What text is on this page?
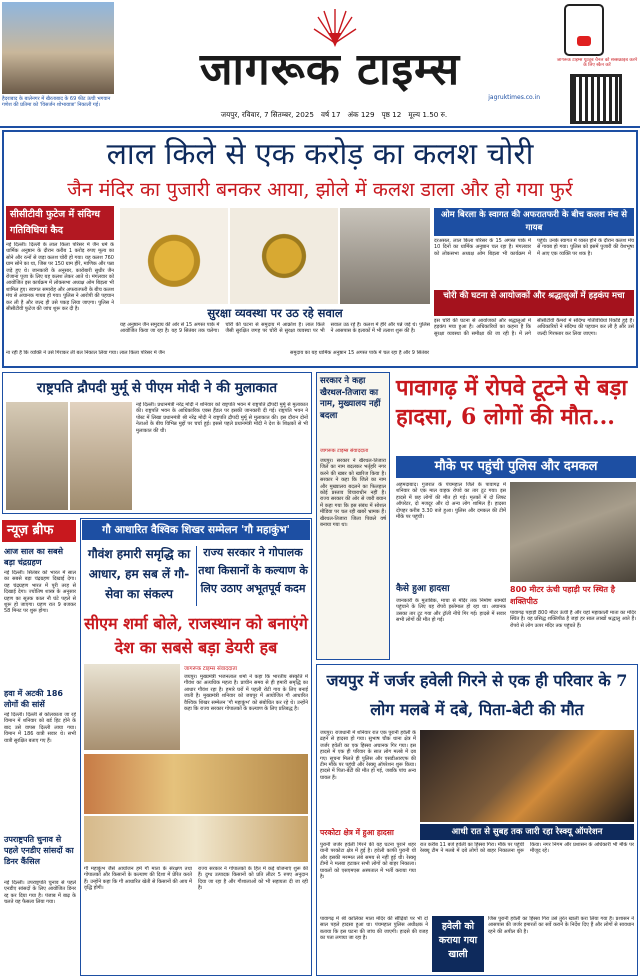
हैदराबाद के बालेनगर में खैरताबाद के 69 फीट ऊंची भगवान गणेश की प्रतिमा को 'विसर्जन शोभायात्रा' निकाली गई।
जागरूक टाइम्स
jagruktimes.co.in
जयपुर, रविवार, 7 सितम्बर, 2025 वर्ष 17 अंक 129 पृष्ठ 12 मूल्य 1.50 रु.
जागरूक टाइम्स यूट्यूब चैनल को सब्सक्राइब करने के लिए स्कैन करें
लाल किले से एक करोड़ का कलश चोरी
जैन मंदिर का पुजारी बनकर आया, झोले में कलश डाला और हो गया फुर्र
सीसीटीवी फुटेज में संदिग्ध गतिविधियां कैद
नई दिल्ली। दिल्ली के लाल किला परिसर में जैन धर्म के धार्मिक अनुष्ठान के दौरान करीब 1 करोड़ रुपए मूल्य का सोने और रत्नों से जड़ा कलश चोरी हो गया। यह कलश 760 ग्राम सोने का था, जिस पर 150 ग्राम हीरे, माणिक और पन्ना जड़े हुए थे। जानकारी के अनुसार, कारोबारी सुधीर जैन रोजाना पूजा के लिए यह कलश लेकर आते थे। मंगलवार को आयोजित इस कार्यक्रम में लोकसभा अध्यक्ष ओम बिड़ला भी शामिल हुए। स्वागत समारोह और अफरातफरी के बीच कलश मंच से अचानक गायब हो गया। पुलिस ने आरोपी की पहचान कर ली है और जल्द ही उसे पकड़ लिया जाएगा। पुलिस ने सीसीटीवी फुटेज की जांच शुरू कर दी है।	सुरक्षा व्यवस्था पर उठ रहे सवाल
यह अनुष्ठान जैन समुदाय की ओर से 15 अगस्त पार्क में आयोजित किया जा रहा है। यह 9 सितंबर तक चलेगा। चोरी की घटना से समुदाय में आक्रोश है। लाल किले जैसी सुरक्षित जगह पर चोरी से सुरक्षा व्यवस्था पर भी सवाल उठ रहे हैं। कलश में हीरे और पन्ने जड़े थे। पुलिस ने आसपास के इलाकों में भी तलाश शुरू की है।
ओम बिरला के स्वागत की अफरातफरी के बीच कलश मंच से गायब
दरअसल, लाल किला परिसर के 15 अगस्त पार्क में 10 दिनों का धार्मिक अनुष्ठान चल रहा है। मंगलवार को लोकसभा अध्यक्ष ओम बिड़ला भी कार्यक्रम में पहुंचे। उनके स्वागत में व्यस्त होने के दौरान कलश मंच से गायब हो गया। पुलिस को इसमें पुजारी की वेशभूषा में आए एक व्यक्ति पर शक है।
चोरी की घटना से आयोजकों और श्रद्धालुओं में हड़कंप मचा
इस चोरी की घटना से आयोजकों और श्रद्धालुओं में हड़कंप मचा हुआ है। अधिकारियों का कहना है कि सुरक्षा व्यवस्था की समीक्षा की जा रही है। में लगे सीसीटीवी कैमरों में संदिग्ध गतिविधियां रिकॉर्ड हुई हैं। अधिकारियों ने संदिग्ध की पहचान कर ली है और उसे जल्दी गिरफ्तार कर लिया जाएगा।
ना रही है कि व्यक्ति ने उसे गिराकर ली बल निकाल लिया गया। लाल किला परिसर में जैन	समुदाय का यह धार्मिक अनुष्ठान 15 अगस्त पार्क में चल रहा है और 9 सितंबर
राष्ट्रपति द्रौपदी मुर्मू से पीएम मोदी ने की मुलाकात
नई दिल्ली। प्रधानमंत्री नरेंद्र मोदी ने शनिवार को राष्ट्रपति भवन में राष्ट्रपति द्रौपदी मुर्मू से मुलाकात की। राष्ट्रपति भवन के आधिकारिक एक्स हैंडल पर इसकी जानकारी दी गई। राष्ट्रपति भवन ने पोस्ट में लिखा प्रधानमंत्री श्री नरेंद्र मोदी ने राष्ट्रपति द्रौपदी मुर्मू से मुलाकात की। इस दौरान दोनों नेताओं के बीच विभिन्न मुद्दों पर चर्चा हुई। इससे पहले प्रधानमंत्री मोदी ने देश के शिक्षकों से भी मुलाकात की थी।
सरकार ने कहा खैरथल-तिजारा का नाम, मुख्यालय नहीं बदला
जागरूक टाइम्स संवाददाता
जयपुर। सरकार ने खैरथल-तिजारा जिले का नाम बदलकर भर्तृहरि नगर करने की खबर को खारिज किया है। सरकार ने कहा कि जिले का नाम और मुख्यालय बदलने का फिलहाल कोई प्रस्ताव विचाराधीन नहीं है। राज्य सरकार की ओर से जारी बयान में कहा गया कि इस संबंध में सोशल मीडिया पर चल रही खबरें भ्रामक हैं। खैरथल-तिजारा जिला पिछले वर्ष बनाया गया था।
पावागढ़ में रोपवे टूटने से बड़ा हादसा, 6 लोगों की मौत...
मौके पर पहुंची पुलिस और दमकल
अहमदाबाद। गुजरात के पंचमहाल जिले के पावागढ़ में शनिवार को एक माल वाहक रोपवे का तार टूट गया। इस हादसे में छह लोगों की मौत हो गई। मृतकों में दो लिफ्ट ऑपरेटर, दो मजदूर और दो अन्य लोग शामिल हैं। हादसा दोपहर करीब 3.30 बजे हुआ। पुलिस और दमकल की टीमें मौके पर पहुंचीं।
कैसे हुआ हादसा
जानकारी के मुताबिक, माचा से मंदिर तक निर्माण सामग्री पहुंचाने के लिए यह रोपवे इस्तेमाल हो रहा था। अचानक उसका तार टूट गया और ट्रॉली नीचे गिर गई। हादसे में सवार सभी लोगों की मौत हो गई।
800 मीटर ऊंची पहाड़ी पर स्थित है शक्तिपीठ
पावागढ़ पहाड़ी 800 मीटर ऊंची है और यहां महाकाली माता का मंदिर स्थित है। यह प्रसिद्ध शक्तिपीठ है जहां हर साल लाखों श्रद्धालु आते हैं। रोपवे से लोग ऊपर मंदिर तक पहुंचते हैं।
न्यूज़ ब्रीफ
आज साल का सबसे बड़ा चंद्रग्रहण
नई दिल्ली। सितंबर को भारत में साल का सबसे बड़ा चंद्रग्रहण दिखाई देगा। यह चंद्रग्रहण भारत में पूरी तरह से दिखाई देगा। ज्योतिष शास्त्र के अनुसार ग्रहण का सूतक काल नौ घंटे पहले से शुरू हो जाएगा। ग्रहण रात 9 बजकर 58 मिनट पर शुरू होगा।
हवा में अटकी 186 लोगों की सांसें
नई दिल्ली। दिल्ली से कोलकाता जा रहे विमान में शनिवार को बर्ड हिट होने के बाद उसे वापस दिल्ली लाया गया। विमान में 186 यात्री सवार थे। सभी यात्री सुरक्षित बताए गए हैं।
उपराष्ट्रपति चुनाव से पहले एनडीए सांसदों का डिनर कैंसिल
नई दिल्ली। उपराष्ट्रपति चुनाव से पहले एनडीए सांसदों के लिए आयोजित डिनर रद्द कर दिया गया है। पंजाब में बाढ़ के चलते यह फैसला लिया गया।
गौ आधारित वैश्विक शिखर सम्मेलन 'गौ महाकुंभ'
गौवंश हमारी समृद्धि का आधार, हम सब लें गौ-सेवा का संकल्प
राज्य सरकार ने गोपालक तथा किसानों के कल्याण के लिए उठाए अभूतपूर्व कदम
सीएम शर्मा बोले, राजस्थान को बनाएंगे देश का सबसे बड़ा डेयरी हब
जागरूक टाइम्स संवाददाता
जयपुर। मुख्यमंत्री भजनलाल शर्मा ने कहा कि भारतीय संस्कृति में गौवंश का अत्यधिक महत्व है। प्राचीन समय से ही हमारी समृद्धि का आधार गौवंश रहा है। हमारे घरों में पहली रोटी गाय के लिए बनाई जाती है। मुख्यमंत्री शनिवार को जयपुर में आयोजित गौ आधारित वैश्विक शिखर सम्मेलन 'गौ महाकुंभ' को संबोधित कर रहे थे। उन्होंने कहा कि राज्य सरकार गोपालकों के कल्याण के लिए प्रतिबद्ध है।
गौ महाकुंभ जैसे आयोजन हमें गौ माता के संरक्षण तथा गोपालकों और किसानों के कल्याण की दिशा में प्रेरित करते हैं। उन्होंने कहा कि गौ आधारित खेती से किसानों की आय में वृद्धि होगी।
राज्य सरकार ने गोपालकों के हित में कई योजनाएं शुरू की हैं। दुग्ध उत्पादक किसानों को प्रति लीटर 5 रुपए अनुदान दिया जा रहा है और गौशालाओं को भी सहायता दी जा रही है।
जयपुर में जर्जर हवेली गिरने से एक ही परिवार के 7 लोग मलबे में दबे, पिता-बेटी की मौत
जयपुर। राजधानी में शनिवार रात एक पुरानी हवेली के ढहने से हादसा हो गया। सुभाष चौक थाना क्षेत्र में जर्जर हवेली का एक हिस्सा अचानक गिर गया। इस हादसे में एक ही परिवार के सात लोग मलबे में दब गए। सूचना मिलते ही पुलिस और एसडीआरएफ की टीम मौके पर पहुंची और रेस्क्यू ऑपरेशन शुरू किया। हादसे में पिता-बेटी की मौत हो गई, जबकि पांच अन्य घायल हैं।
आधी रात से सुबह तक जारी रहा रेस्क्यू ऑपरेशन
परकोटा क्षेत्र में हुआ हादसा
पुरानी जर्जर हवेली गिरने की यह घटना पुराने शहर यानी परकोटा क्षेत्र में हुई है। हवेली काफी पुरानी थी और इसकी मरम्मत लंबे समय से नहीं हुई थी। रेस्क्यू टीमों ने मलबा हटाकर सभी लोगों को बाहर निकाला। घायलों को एसएमएस अस्पताल में भर्ती कराया गया है।
रात करीब 11 बजे हवेली का हिस्सा गिरा। मौके पर पहुंची रेस्क्यू टीम ने मलबे में दबे लोगों को बाहर निकालना शुरू किया। नगर निगम और प्रशासन के अधिकारी भी मौके पर मौजूद रहे।
हवेली को कराया गया खाली
जिस पुरानी हवेली का हिस्सा गिरा उसे तुरंत खाली करा लिया गया है। प्रशासन ने आसपास की जर्जर इमारतों का सर्वे कराने के निर्देश दिए हैं और लोगों से सावधान रहने की अपील की है।
पावागढ़ में श्री कालिका माता मंदिर की सीढ़ियों पर भी दो साल पहले हादसा हुआ था। पंचमहाल पुलिस अधीक्षक ने बताया कि इस घटना की जांच की जाएगी। हादसे की वजह का पता लगाया जा रहा है।
